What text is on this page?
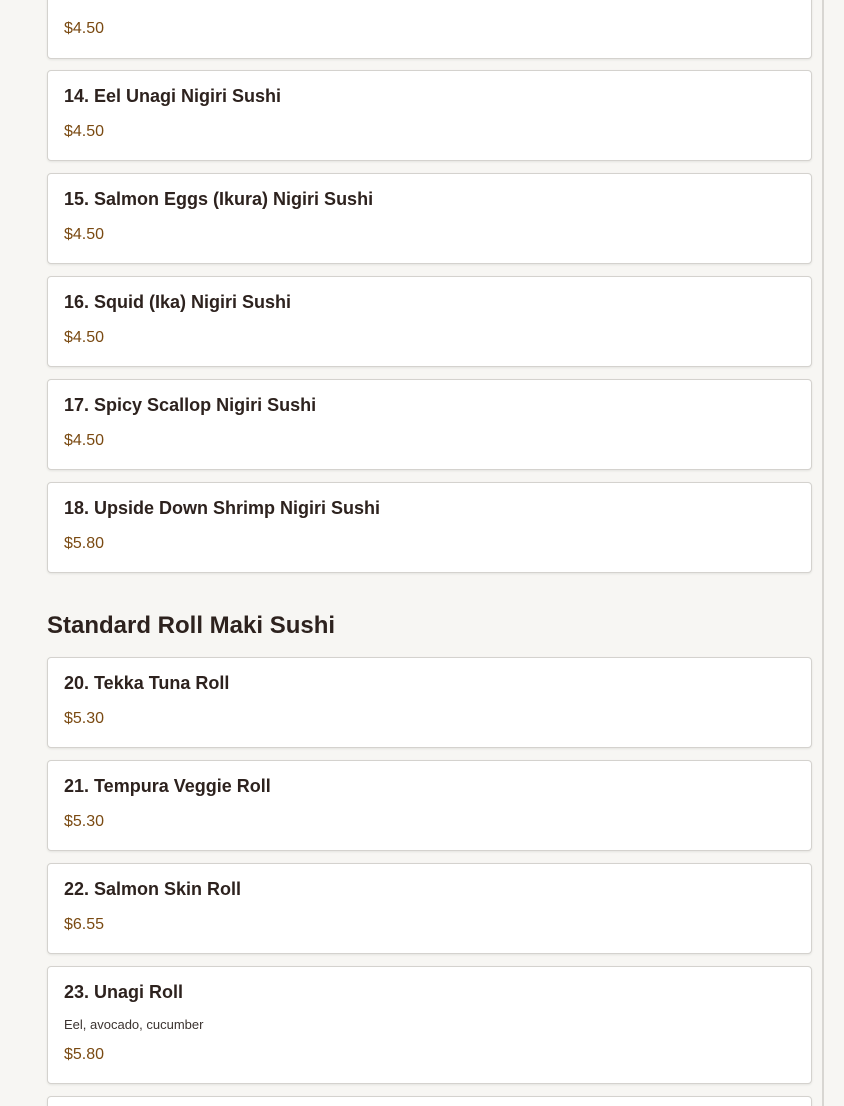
$4.50
14. Eel Unagi Nigiri Sushi
$4.50
15. Salmon Eggs (Ikura) Nigiri Sushi
$4.50
16. Squid (Ika) Nigiri Sushi
$4.50
17. Spicy Scallop Nigiri Sushi
$4.50
18. Upside Down Shrimp Nigiri Sushi
$5.80
Standard Roll Maki Sushi
20. Tekka Tuna Roll
$5.30
21. Tempura Veggie Roll
$5.30
22. Salmon Skin Roll
$6.55
23. Unagi Roll
Eel, avocado, cucumber
$5.80
